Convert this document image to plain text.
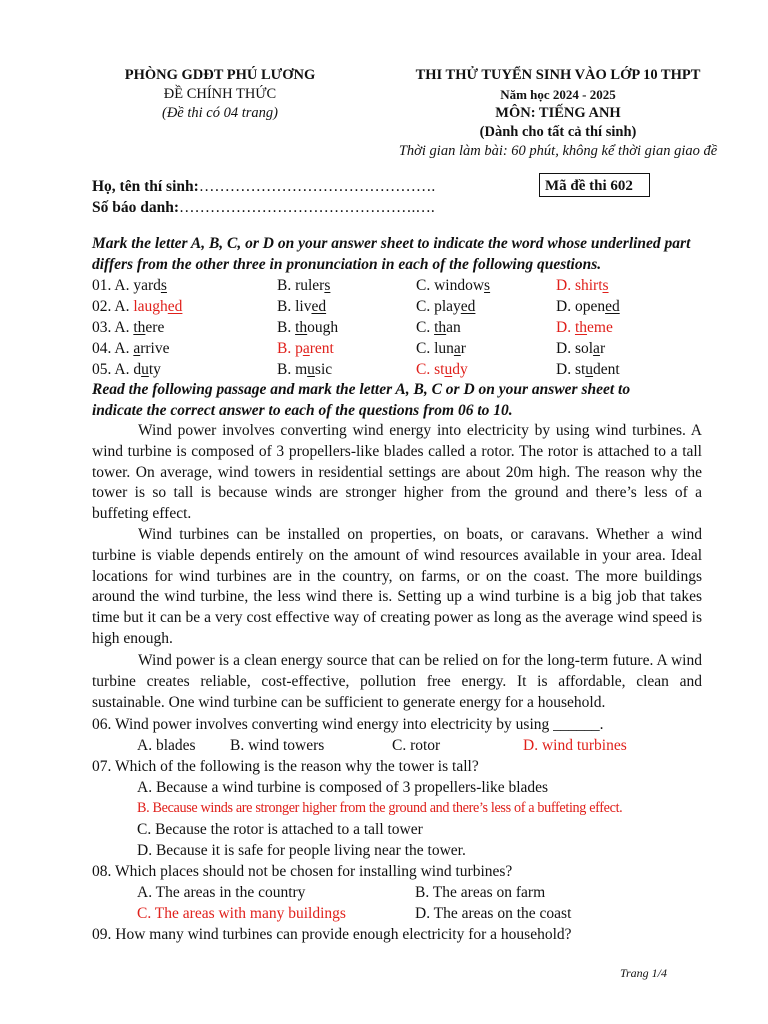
PHÒNG GDĐT PHÚ LƯƠNG
ĐỀ CHÍNH THỨC
(Đề thi có 04 trang)
THI THỬ TUYỂN SINH VÀO LỚP 10 THPT
Năm học 2024 - 2025
MÔN: TIẾNG ANH
(Dành cho tất cả thí sinh)
Thời gian làm bài: 60 phút, không kể thời gian giao đề
Họ, tên thí sinh:……………………………………….
Số báo danh:……………………………………….….
Mã đề thi 602
Mark the letter A, B, C, or D on your answer sheet to indicate the word whose underlined part
differs from the other three in pronunciation in each of the following questions.
01. A. yards	B. rulers	C. windows	D. shirts
02. A. laughed	B. lived	C. played	D. opened
03. A. there	B. though	C. than	D. theme
04. A. arrive	B. parent	C. lunar	D. solar
05. A. duty	B. music	C. study	D. student
Read the following passage and mark the letter A, B, C or D on your answer sheet to
indicate the correct answer to each of the questions from 06 to 10.
Wind power involves converting wind energy into electricity by using wind turbines. A wind turbine is composed of 3 propellers-like blades called a rotor. The rotor is attached to a tall tower. On average, wind towers in residential settings are about 20m high. The reason why the tower is so tall is because winds are stronger higher from the ground and there’s less of a buffeting effect.
Wind turbines can be installed on properties, on boats, or caravans. Whether a wind turbine is viable depends entirely on the amount of wind resources available in your area. Ideal locations for wind turbines are in the country, on farms, or on the coast. The more buildings around the wind turbine, the less wind there is. Setting up a wind turbine is a big job that takes time but it can be a very cost effective way of creating power as long as the average wind speed is high enough.
Wind power is a clean energy source that can be relied on for the long-term future. A wind turbine creates reliable, cost-effective, pollution free energy. It is affordable, clean and sustainable. One wind turbine can be sufficient to generate energy for a household.
06. Wind power involves converting wind energy into electricity by using ______.
A. blades B. wind towers	C. rotor	D. wind turbines
07. Which of the following is the reason why the tower is tall?
A. Because a wind turbine is composed of 3 propellers-like blades
B. Because winds are stronger higher from the ground and there’s less of a buffeting effect.
C. Because the rotor is attached to a tall tower
D. Because it is safe for people living near the tower.
08. Which places should not be chosen for installing wind turbines?
A. The areas in the country	B. The areas on farm
C. The areas with many buildings	D. The areas on the coast
09. How many wind turbines can provide enough electricity for a household?
Trang 1/4
